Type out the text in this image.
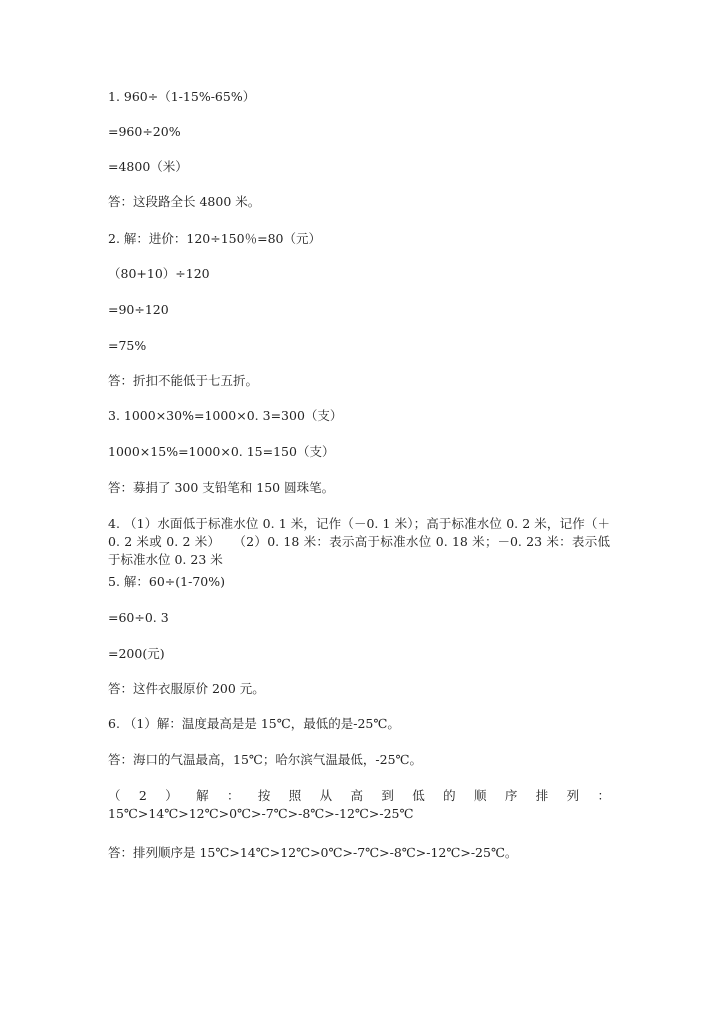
1. 960÷（1-15%-65%）

=960÷20%

=4800（米）

答：这段路全长 4800 米。

2. 解：进价：120÷150％=80（元）

（80+10）÷120

=90÷120

=75%

答：折扣不能低于七五折。

3. 1000×30%=1000×0. 3=300（支）

1000×15%=1000×0. 15=150（支）

答：募捐了 300 支铅笔和 150 圆珠笔。

4. （1）水面低于标准水位 0. 1 米，记作（－0. 1 米）；高于标准水位 0. 2 米，记作（＋0. 2 米或 0. 2 米）　　（2）0. 18 米：表示高于标准水位 0. 18 米；－0. 23 米：表示低于标准水位 0. 23 米

5. 解：60÷(1-70%)

=60÷0. 3

=200(元)

答：这件衣服原价 200 元。

6. （1）解：温度最高是是 15℃，最低的是-25℃。

答：海口的气温最高，15℃；哈尔滨气温最低，-25℃。

（2）解：按照从高到低的顺序排列：15℃>14℃>12℃>0℃>-7℃>-8℃>-12℃>-25℃

答：排列顺序是 15℃>14℃>12℃>0℃>-7℃>-8℃>-12℃>-25℃。
